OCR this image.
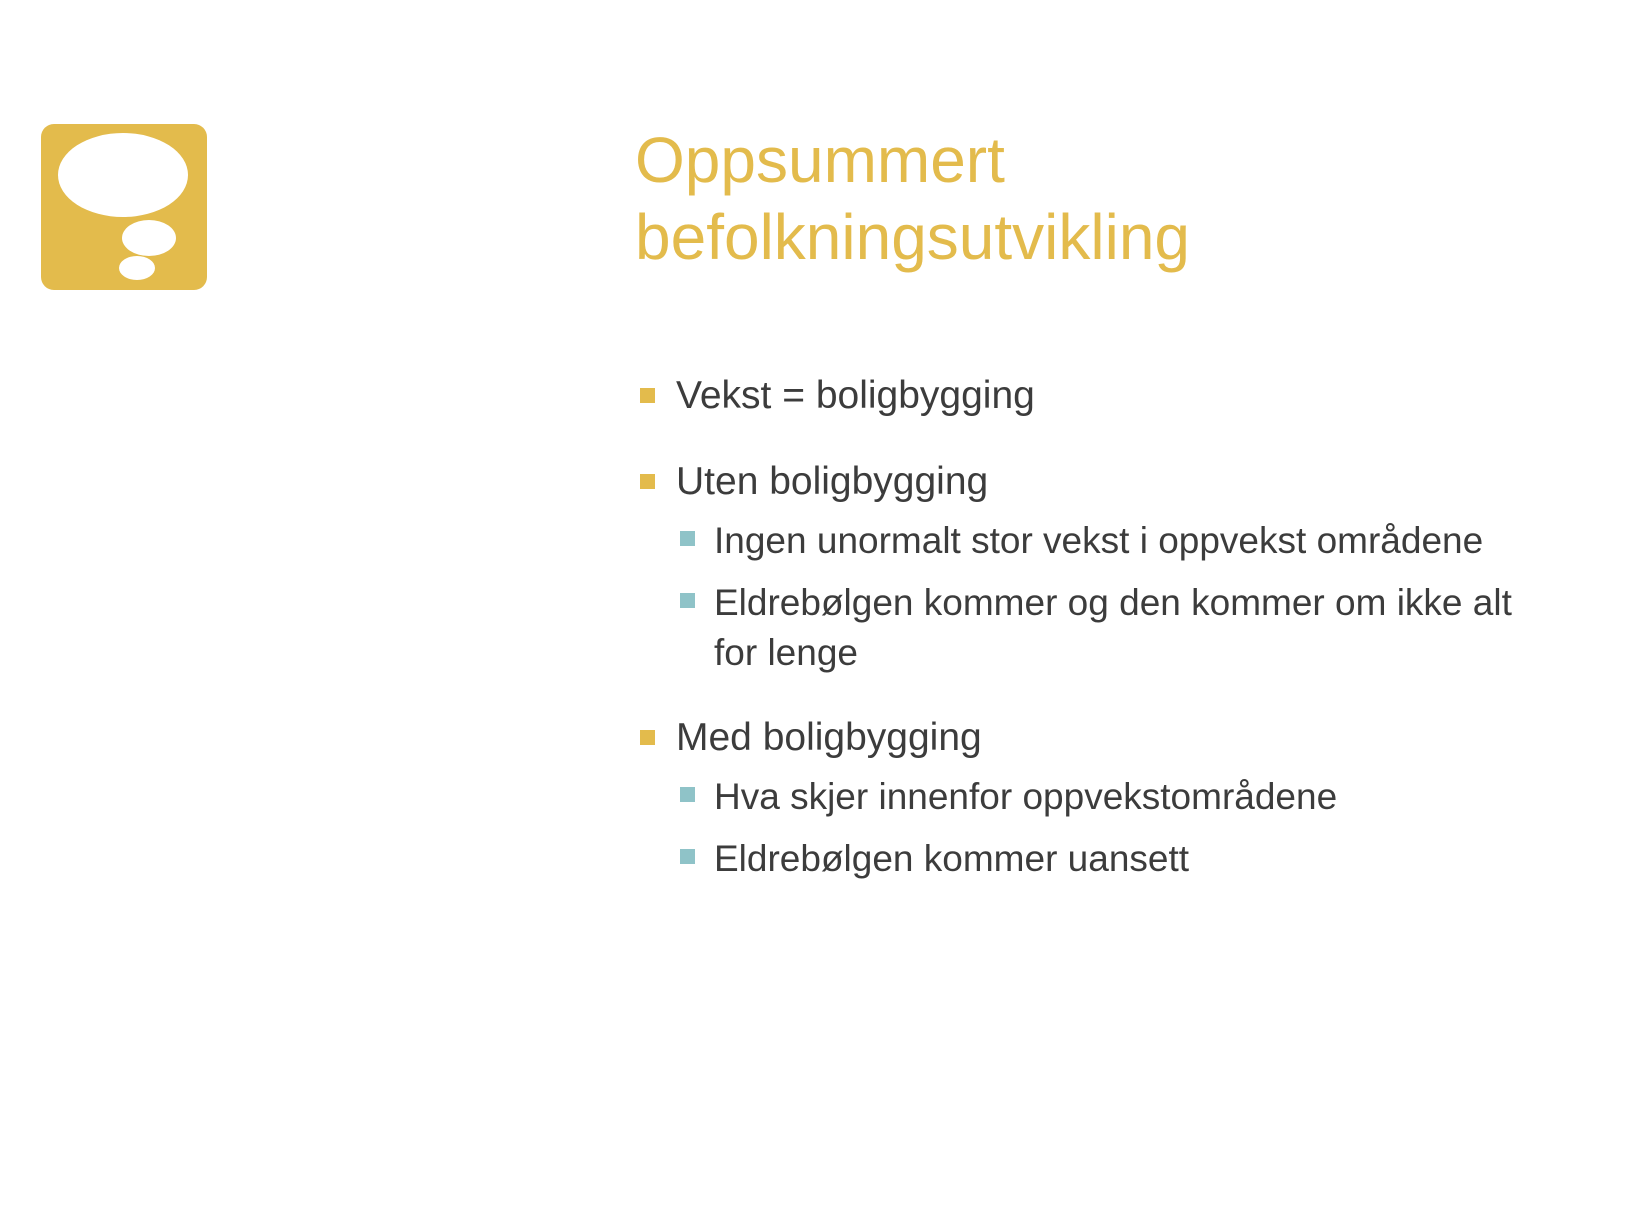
Oppsummert
befolkningsutvikling
Vekst = boligbygging
Uten boligbygging
Ingen unormalt stor vekst i oppvekst områdene
Eldrebølgen kommer og den kommer om ikke alt for lenge
Med boligbygging
Hva skjer innenfor oppvekstområdene
Eldrebølgen kommer uansett
